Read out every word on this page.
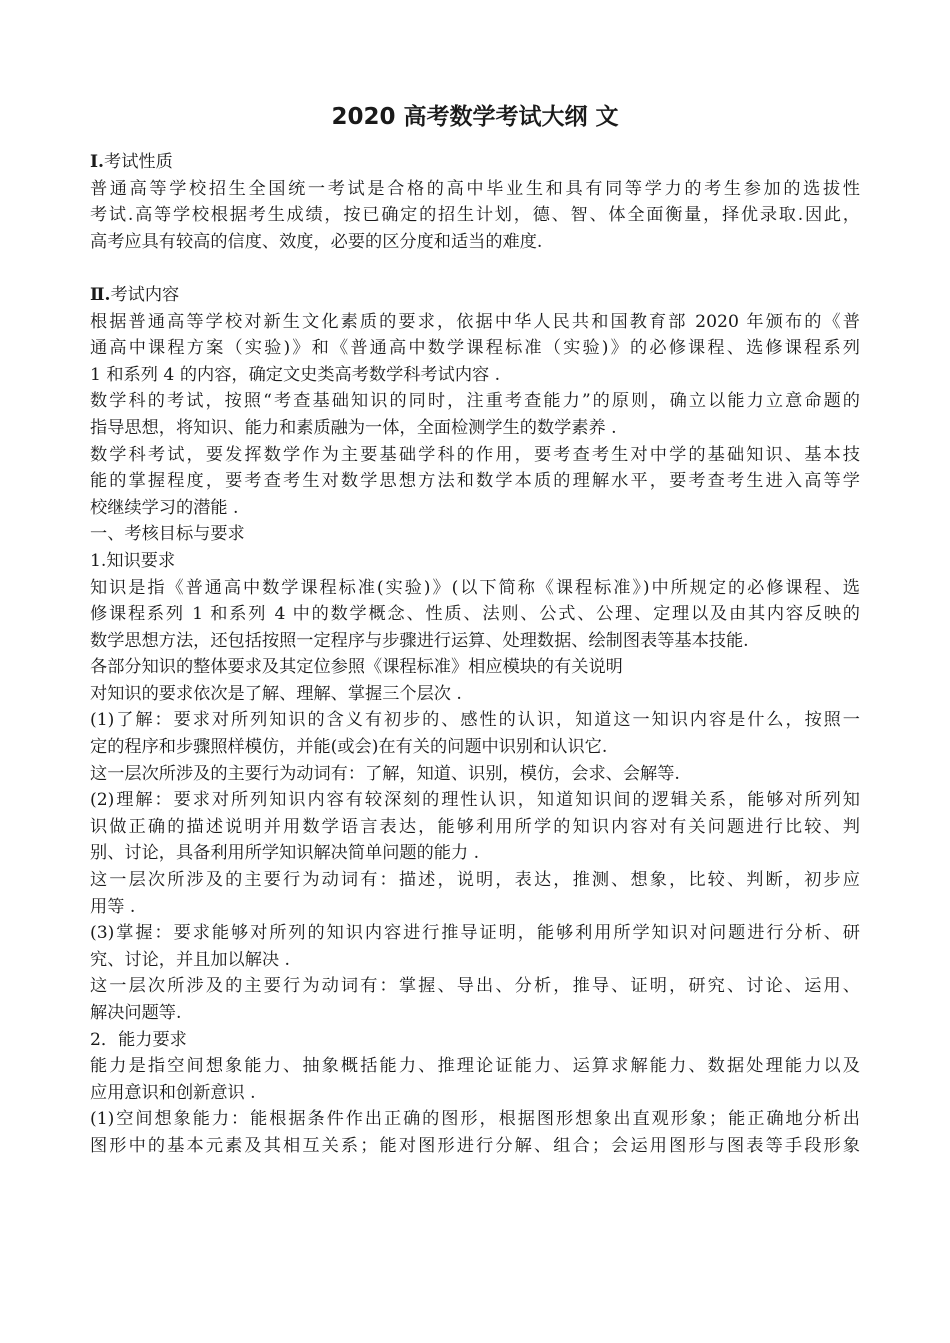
2020 高考数学考试大纲 文
I.考试性质
普通高等学校招生全国统一考试是合格的高中毕业生和具有同等学力的考生参加的选拔性
考试.高等学校根据考生成绩，按已确定的招生计划，德、智、体全面衡量，择优录取.因此，
高考应具有较高的信度、效度，必要的区分度和适当的难度.
Ⅱ.考试内容
根据普通高等学校对新生文化素质的要求，依据中华人民共和国教育部 2020 年颁布的《普
通高中课程方案（实验)》和《普通高中数学课程标准（实验)》的必修课程、选修课程系列
1 和系列 4 的内容，确定文史类高考数学科考试内容 .
数学科的考试，按照“考查基础知识的同时，注重考查能力”的原则，确立以能力立意命题的
指导思想，将知识、能力和素质融为一体，全面检测学生的数学素养 .
数学科考试，要发挥数学作为主要基础学科的作用，要考查考生对中学的基础知识、基本技
能的掌握程度，要考查考生对数学思想方法和数学本质的理解水平，要考查考生进入高等学
校继续学习的潜能 .
一、考核目标与要求
1.知识要求
知识是指《普通高中数学课程标准(实验)》(以下简称《课程标准》)中所规定的必修课程、选
修课程系列 1 和系列 4 中的数学概念、性质、法则、公式、公理、定理以及由其内容反映的
数学思想方法，还包括按照一定程序与步骤进行运算、处理数据、绘制图表等基本技能.
各部分知识的整体要求及其定位参照《课程标准》相应模块的有关说明
对知识的要求依次是了解、理解、掌握三个层次 .
(1)了解：要求对所列知识的含义有初步的、感性的认识，知道这一知识内容是什么，按照一
定的程序和步骤照样模仿，并能(或会)在有关的问题中识别和认识它.
这一层次所涉及的主要行为动词有：了解，知道、识别，模仿，会求、会解等.
(2)理解：要求对所列知识内容有较深刻的理性认识，知道知识间的逻辑关系，能够对所列知
识做正确的描述说明并用数学语言表达，能够利用所学的知识内容对有关问题进行比较、判
别、讨论，具备利用所学知识解决简单问题的能力 .
这一层次所涉及的主要行为动词有：描述，说明，表达，推测、想象，比较、判断，初步应
用等 .
(3)掌握：要求能够对所列的知识内容进行推导证明，能够利用所学知识对问题进行分析、研
究、讨论，并且加以解决 .
这一层次所涉及的主要行为动词有：掌握、导出、分析，推导、证明，研究、讨论、运用、
解决问题等.
2．能力要求
能力是指空间想象能力、抽象概括能力、推理论证能力、运算求解能力、数据处理能力以及
应用意识和创新意识 .
(1)空间想象能力：能根据条件作出正确的图形，根据图形想象出直观形象；能正确地分析出
图形中的基本元素及其相互关系；能对图形进行分解、组合；会运用图形与图表等手段形象
